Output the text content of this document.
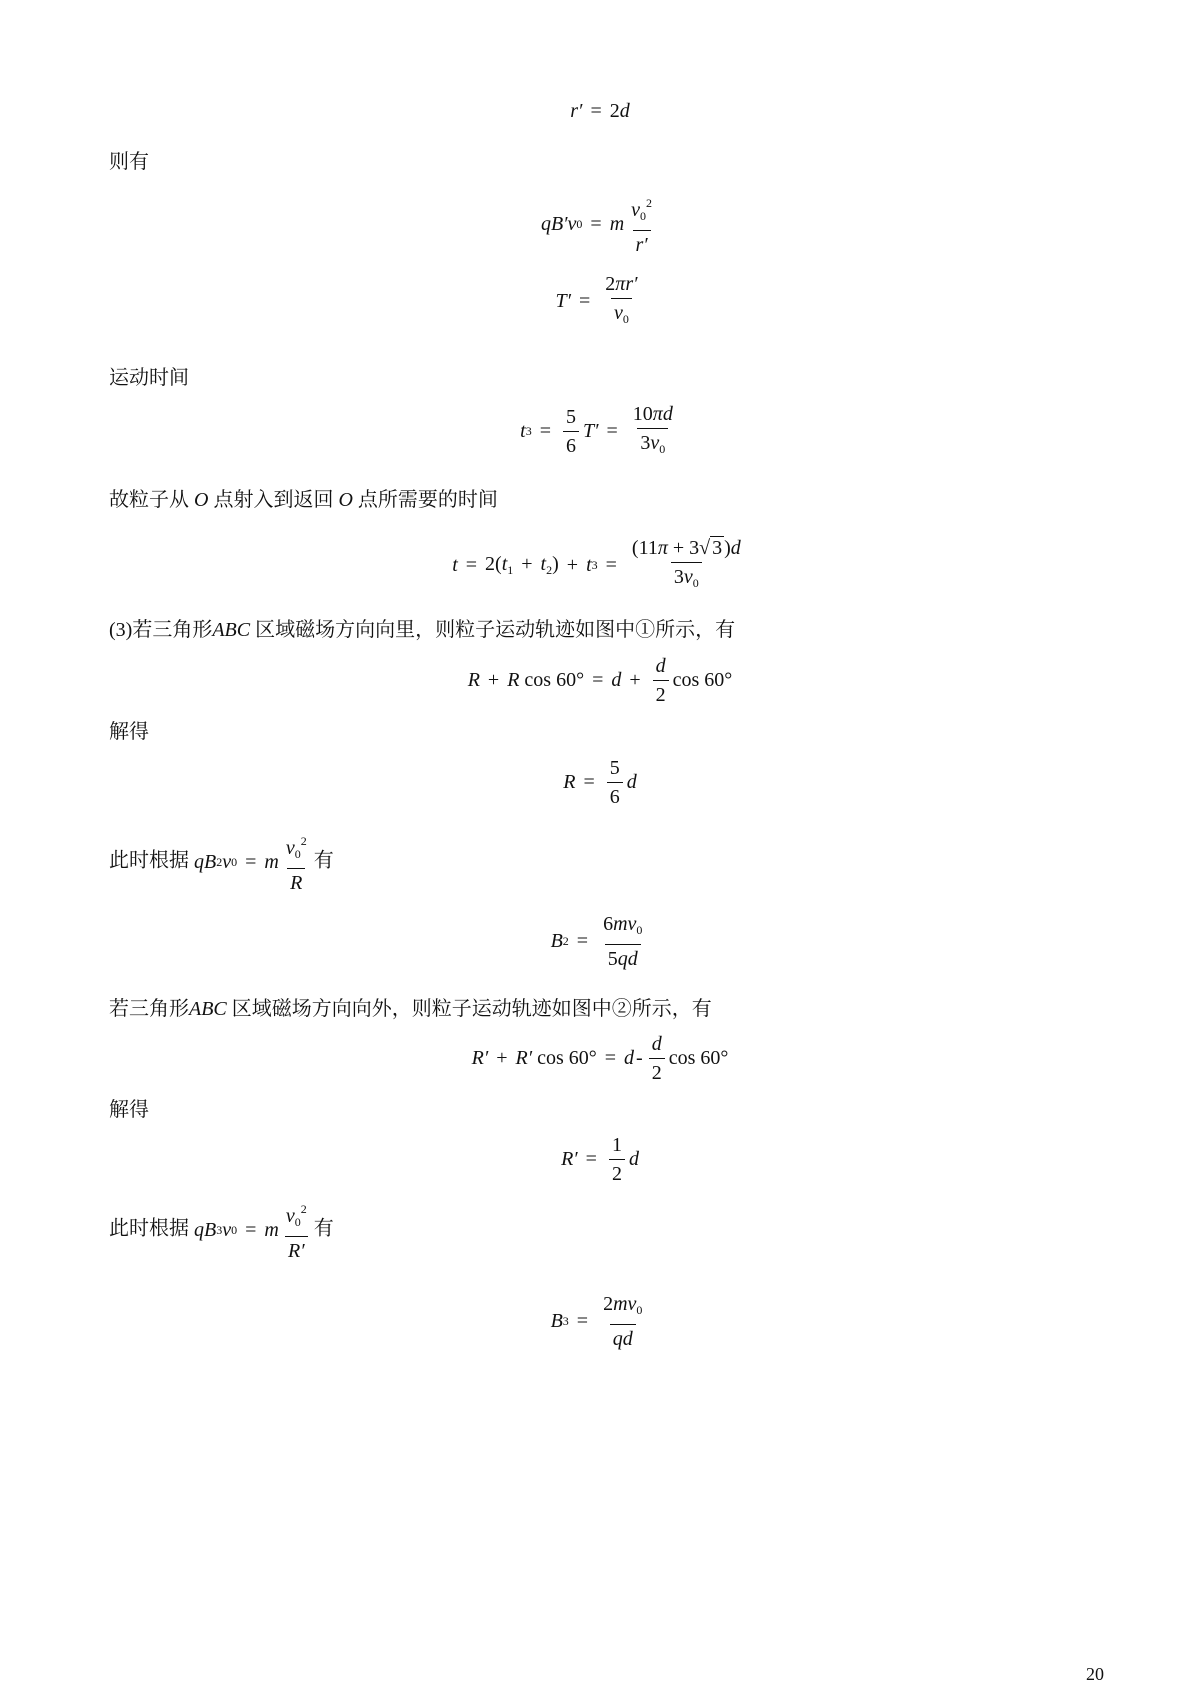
r′ = 2d
则有
qB′v 0 = m $\frac{v_0^2}{r'}$
$T' = \frac{2\pi r'}{v_0}$
运动时间
t $3 = \frac{5}{6} T' = \frac{10\pi d}{3v_0}$
故粒子从 O 点射入到返回 O 点所需要的时间
$t = 2(t_1 + t_2) + t$ $3 = \frac{(11\pi + 3√ 3 )d}{3v_0}$
(3)若三角形ABC 区域磁场方向向里，则粒子运动轨迹如图中①所示，有
R + R $\cos 60^\circ = d + \frac{d}{2}$ cos 60°
解得
$R = \frac{5}{6}$ d
此时根据 qB 2 v 0 = m $\frac{v_0^2}{R}$ 有
B $2 = \frac{6mv_0}{5qd}$
若三角形ABC 区域磁场方向向外，则粒子运动轨迹如图中②所示，有
R′ + R′ $\cos 60^\circ = d - \frac{d}{2}$ cos 60°
解得
$R' = \frac{1}{2}$ d
此时根据 qB 3 v 0 = m $\frac{v_0^2}{R'}$ 有
B $3 = \frac{2mv_0}{qd}$
20
